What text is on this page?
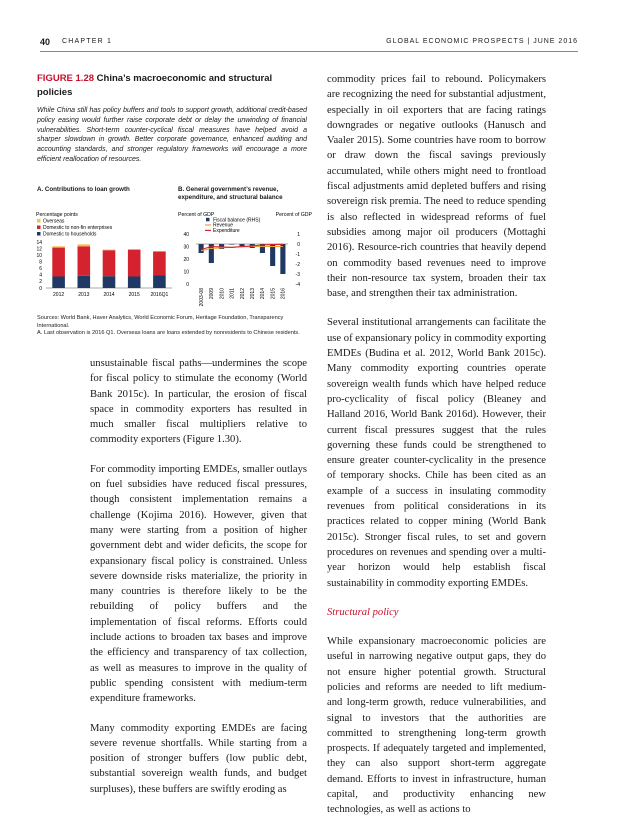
40 CHAPTER 1	GLOBAL ECONOMIC PROSPECTS | JUNE 2016
FIGURE 1.28 China’s macroeconomic and structural policies
While China still has policy buffers and tools to support growth, additional credit-based policy easing would further raise corporate debt or delay the unwinding of financial vulnerabilities. Short-term counter-cyclical fiscal measures have helped avoid a sharper slowdown in growth. Better corporate governance, enhanced auditing and accounting standards, and stronger regulatory frameworks will encourage a more efficient reallocation of resources.
A. Contributions to loan growth	B. General government’s revenue, expenditure, and structural balance
Percentage points
Overseas
Domestic to non-fin enterprises
Domestic to households
0
2
4
6
8
10
12
14
2012	2013	2014	2015 2016Q1
Percent of GDP	Percent of GDP
Fiscal balance (RHS)
Revenue
Expenditure
0
10
20
30
40	1
0
-1
-2
-3
-4
2003-08 2009 2010 2011 2012 2013 2014 2015 2016
Sources: World Bank, Haver Analytics, World Economic Forum, Heritage Foundation, Transparency International.
A. Last observation is 2016 Q1. Overseas loans are loans extended by nonresidents to Chinese residents.

unsustainable fiscal paths—undermines the scope for fiscal policy to stimulate the economy (World Bank 2015c). In particular, the erosion of fiscal space in commodity exporters has resulted in much smaller fiscal multipliers relative to commodity exporters (Figure 1.30).

For commodity importing EMDEs, smaller outlays on fuel subsidies have reduced fiscal pressures, though consistent implementation remains a challenge (Kojima 2016). However, given that many were starting from a position of higher government debt and wider deficits, the scope for expansionary fiscal policy is constrained. Unless severe downside risks materialize, the priority in many countries is therefore likely to be the rebuilding of policy buffers and the implementation of fiscal reforms. Efforts could include actions to broaden tax bases and improve the efficiency and transparency of tax collection, as well as measures to improve in the quality of public spending consistent with medium-term expenditure frameworks.

Many commodity exporting EMDEs are facing severe revenue shortfalls. While starting from a position of stronger buffers (low public debt, substantial sovereign wealth funds, and budget surpluses), these buffers are swiftly eroding as

commodity prices fail to rebound. Policymakers are recognizing the need for substantial adjustment, especially in oil exporters that are facing ratings downgrades or negative outlooks (Hanusch and Vaaler 2015). Some countries have room to borrow or draw down the fiscal savings previously accumulated, while others might need to frontload fiscal adjustments amid depleted buffers and rising sovereign risk premia. The need to reduce spending is also reflected in widespread reforms of fuel subsidies among major oil producers (Mottaghi 2016). Resource-rich countries that heavily depend on commodity based revenues need to improve their non-resource tax system, broaden their tax base, and strengthen their tax administration.

Several institutional arrangements can facilitate the use of expansionary policy in commodity exporting EMDEs (Budina et al. 2012, World Bank 2015c). Many commodity exporting countries operate sovereign wealth funds which have helped reduce pro-cyclicality of fiscal policy (Bleaney and Halland 2016, World Bank 2016d). However, their current fiscal pressures suggest that the rules governing these funds could be strengthened to ensure greater counter-cyclicality in the presence of temporary shocks. Chile has been cited as an example of a success in insulating commodity revenues from political considerations in its practices related to copper mining (World Bank 2015c). Stronger fiscal rules, to set and govern procedures on revenues and spending over a multi-year horizon would help establish fiscal sustainability in commodity exporting EMDEs.

Structural policy

While expansionary macroeconomic policies are useful in narrowing negative output gaps, they do not ensure higher potential growth. Structural policies and reforms are needed to lift medium- and long-term growth, reduce vulnerabilities, and signal to investors that the authorities are committed to strengthening long-term growth prospects. If adequately targeted and implemented, they can also support short-term aggregate demand. Efforts to invest in infrastructure, human capital, and productivity enhancing new technologies, as well as actions to
